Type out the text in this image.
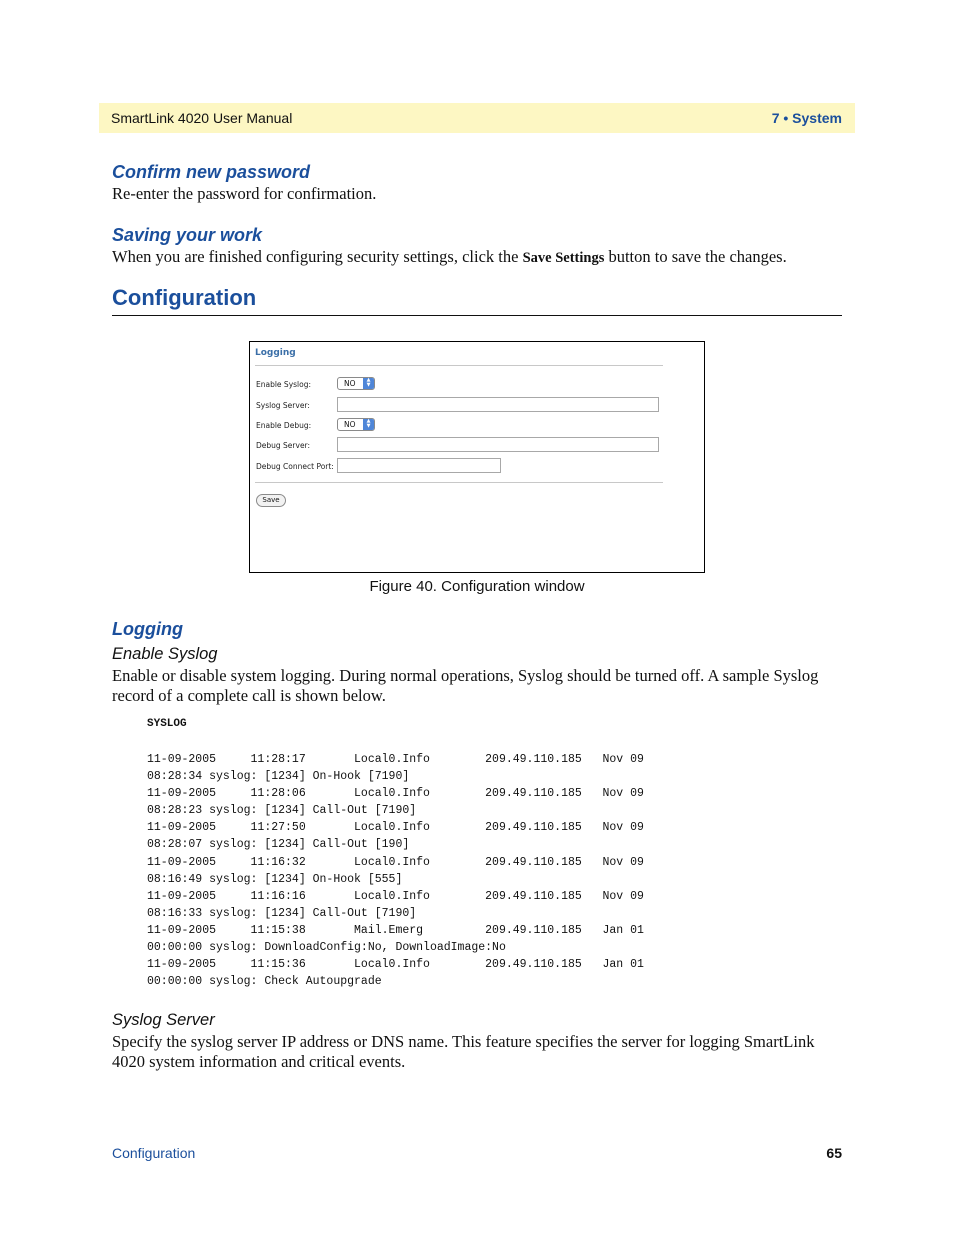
SmartLink 4020 User Manual	7 • System
Confirm new password

Re-enter the password for confirmation.

Saving your work

When you are finished configuring security settings, click the Save Settings button to save the changes.

Configuration
Logging
Enable Syslog:	NO	▲
▼
Syslog Server:
Enable Debug:	NO	▲
▼
Debug Server:
Debug Connect Port:
Save
Figure 40. Configuration window
Logging
Enable Syslog

Enable or disable system logging. During normal operations, Syslog should be turned off. A sample Syslog record of a complete call is shown below.

SYSLOG
11-09-2005     11:28:17       Local0.Info        209.49.110.185   Nov 09
08:28:34 syslog: [1234] On-Hook [7190]
11-09-2005     11:28:06       Local0.Info        209.49.110.185   Nov 09
08:28:23 syslog: [1234] Call-Out [7190]
11-09-2005     11:27:50       Local0.Info        209.49.110.185   Nov 09
08:28:07 syslog: [1234] Call-Out [190]
11-09-2005     11:16:32       Local0.Info        209.49.110.185   Nov 09
08:16:49 syslog: [1234] On-Hook [555]
11-09-2005     11:16:16       Local0.Info        209.49.110.185   Nov 09
08:16:33 syslog: [1234] Call-Out [7190]
11-09-2005     11:15:38       Mail.Emerg         209.49.110.185   Jan 01
00:00:00 syslog: DownloadConfig:No, DownloadImage:No
11-09-2005     11:15:36       Local0.Info        209.49.110.185   Jan 01
00:00:00 syslog: Check Autoupgrade
Syslog Server

Specify the syslog server IP address or DNS name. This feature specifies the server for logging SmartLink 4020 system information and critical events.

Configuration	65
